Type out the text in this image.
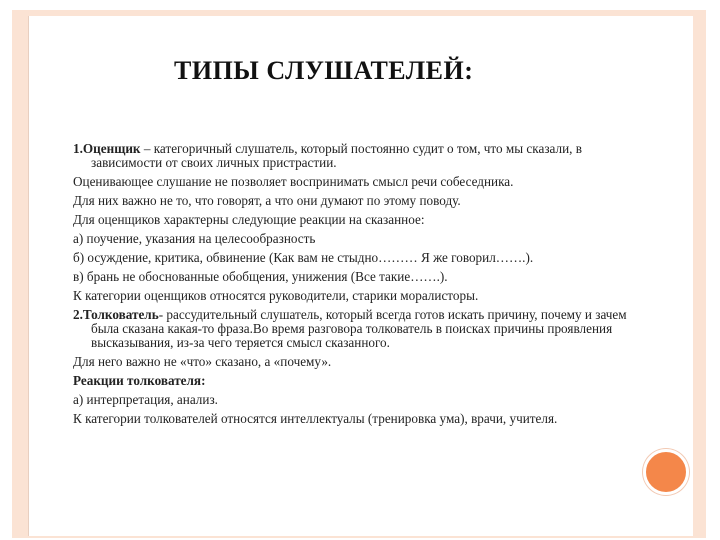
ТИПЫ СЛУШАТЕЛЕЙ:

1.Оценщик – категоричный слушатель, который постоянно судит о том, что мы сказали, в зависимости от своих личных пристрастии.

Оценивающее слушание не позволяет воспринимать смысл речи собеседника.

Для них важно не то, что говорят, а что они думают по этому поводу.

Для оценщиков характерны следующие реакции на сказанное:

а) поучение, указания на целесообразность

б) осуждение, критика, обвинение (Как вам не стыдно……… Я же говорил…….).

в) брань не обоснованные обобщения, унижения (Все такие…….).

К категории оценщиков относятся руководители, старики моралисторы.

2.Толкователь- рассудительный слушатель, который всегда готов искать причину, почему и зачем была сказана какая-то фраза.Во время разговора толкователь в поисках причины проявления высказывания, из-за чего теряется смысл сказанного.

Для него важно не «что» сказано, а «почему».

Реакции толкователя:

а) интерпретация, анализ.

К категории толкователей относятся интеллектуалы (тренировка ума), врачи, учителя.
